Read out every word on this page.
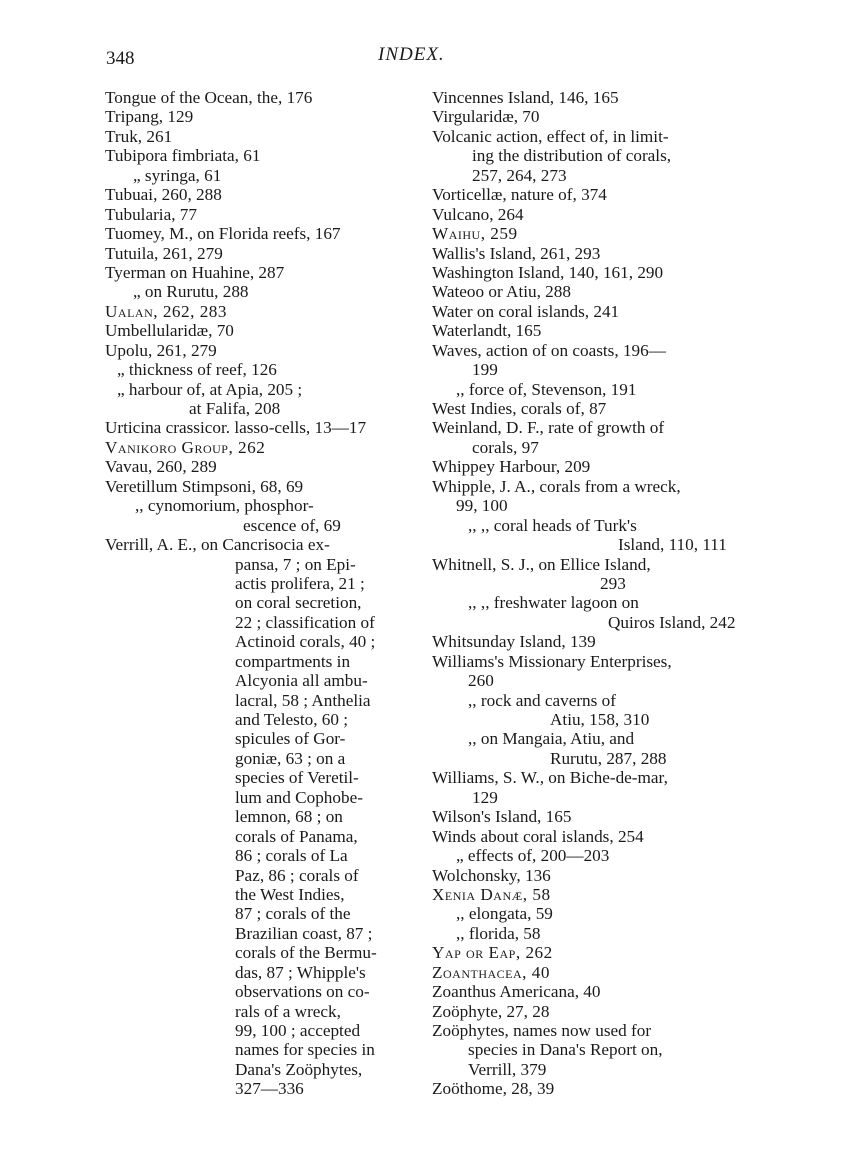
348	INDEX.
Tongue of the Ocean, the, 176
Tripang, 129
Truk, 261
Tubipora fimbriata, 61
„ syringa, 61
Tubuai, 260, 288
Tubularia, 77
Tuomey, M., on Florida reefs, 167
Tutuila, 261, 279
Tyerman on Huahine, 287
„ on Rurutu, 288
Ualan, 262, 283
Umbellularidæ, 70
Upolu, 261, 279
„ thickness of reef, 126
„ harbour of, at Apia, 205 ;
at Falifa, 208
Urticina crassicor. lasso-cells, 13—17
Vanikoro Group, 262
Vavau, 260, 289
Veretillum Stimpsoni, 68, 69
,, cynomorium, phosphor-
escence of, 69
Verrill, A. E., on Cancrisocia ex-
pansa, 7 ; on Epi-
actis prolifera, 21 ;
on coral secretion,
22 ; classification of
Actinoid corals, 40 ;
compartments in
Alcyonia all ambu-
lacral, 58 ; Anthelia
and Telesto, 60 ;
spicules of Gor-
goniæ, 63 ; on a
species of Veretil-
lum and Cophobe-
lemnon, 68 ; on
corals of Panama,
86 ; corals of La
Paz, 86 ; corals of
the West Indies,
87 ; corals of the
Brazilian coast, 87 ;
corals of the Bermu-
das, 87 ; Whipple's
observations on co-
rals of a wreck,
99, 100 ; accepted
names for species in
Dana's Zoöphytes,
327—336
Vincennes Island, 146, 165
Virgularidæ, 70
Volcanic action, effect of, in limit-
ing the distribution of corals,
257, 264, 273
Vorticellæ, nature of, 374
Vulcano, 264
Waihu, 259
Wallis's Island, 261, 293
Washington Island, 140, 161, 290
Wateoo or Atiu, 288
Water on coral islands, 241
Waterlandt, 165
Waves, action of on coasts, 196—
199
,, force of, Stevenson, 191
West Indies, corals of, 87
Weinland, D. F., rate of growth of
corals, 97
Whippey Harbour, 209
Whipple, J. A., corals from a wreck,
99, 100
,, ,, coral heads of Turk's
Island, 110, 111
Whitnell, S. J., on Ellice Island,
293
,, ,, freshwater lagoon on
Quiros Island, 242
Whitsunday Island, 139
Williams's Missionary Enterprises,
260
,, rock and caverns of
Atiu, 158, 310
,, on Mangaia, Atiu, and
Rurutu, 287, 288
Williams, S. W., on Biche-de-mar,
129
Wilson's Island, 165
Winds about coral islands, 254
„ effects of, 200—203
Wolchonsky, 136
Xenia Danæ, 58
,, elongata, 59
,, florida, 58
Yap or Eap, 262
Zoanthacea, 40
Zoanthus Americana, 40
Zoöphyte, 27, 28
Zoöphytes, names now used for
species in Dana's Report on,
Verrill, 379
Zoöthome, 28, 39
